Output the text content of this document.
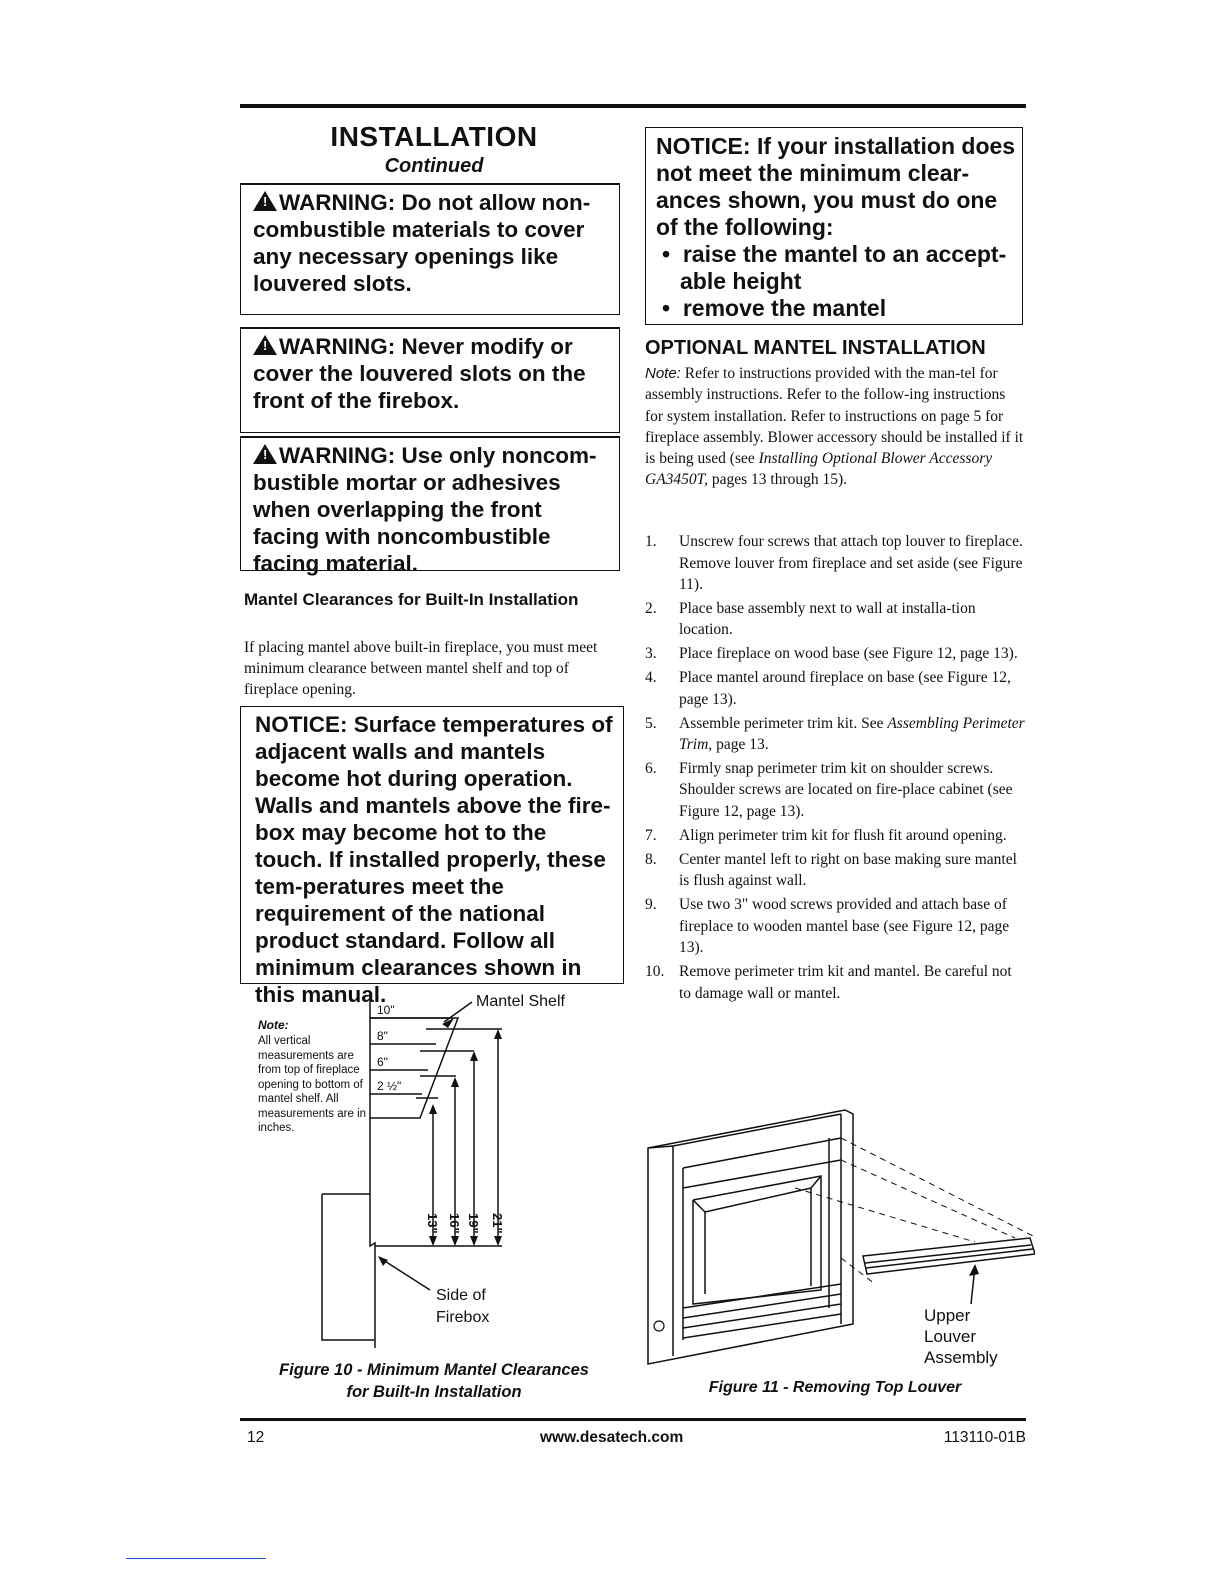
INSTALLATION
Continued
! WARNING: Do not allow non-combustible materials to cover any necessary openings like louvered slots.
! WARNING: Never modify or cover the louvered slots on the front of the firebox.
! WARNING: Use only noncom-bustible mortar or adhesives when overlapping the front facing with noncombustible facing material.
Mantel Clearances for Built-In Installation
If placing mantel above built-in fireplace, you must meet minimum clearance between mantel shelf and top of fireplace opening.
NOTICE: Surface temperatures of adjacent walls and mantels become hot during operation. Walls and mantels above the fire-box may become hot to the touch. If installed properly, these tem-peratures meet the requirement of the national product standard. Follow all minimum clearances shown in this manual.
10"
8"
6"
2 ½"
13" 16" 19" 21"
Mantel Shelf
Side of
Firebox
Note:
All vertical measurements are from top of fireplace opening to bottom of mantel shelf. All measurements are in inches.
Figure 10 - Minimum Mantel Clearances
for Built-In Installation
NOTICE: If your installation does not meet the minimum clear-ances shown, you must do one of the following:
•  raise the mantel to an accept-able height
•  remove the mantel
OPTIONAL MANTEL INSTALLATION
Note: Refer to instructions provided with the man-tel for assembly instructions. Refer to the follow-ing instructions for system installation. Refer to instructions on page 5 for fireplace assembly. Blower accessory should be installed if it is being used (see Installing Optional Blower Accessory GA3450T, pages 13 through 15).
1.	Unscrew four screws that attach top louver to fireplace. Remove louver from fireplace and set aside (see Figure 11).
2.	Place base assembly next to wall at installa-tion location.
3.	Place fireplace on wood base (see Figure 12, page 13).
4.	Place mantel around fireplace on base (see Figure 12, page 13).
5.	Assemble perimeter trim kit. See Assembling Perimeter Trim, page 13.
6.	Firmly snap perimeter trim kit on shoulder screws. Shoulder screws are located on fire-place cabinet (see Figure 12, page 13).
7.	Align perimeter trim kit for flush fit around opening.
8.	Center mantel left to right on base making sure mantel is flush against wall.
9.	Use two 3" wood screws provided and attach base of fireplace to wooden mantel base (see Figure 12, page 13).
10. Remove perimeter trim kit and mantel. Be careful not to damage wall or mantel.
Upper
Louver
Assembly
Figure 11 - Removing Top Louver
12	www.desatech.com	113110-01B
